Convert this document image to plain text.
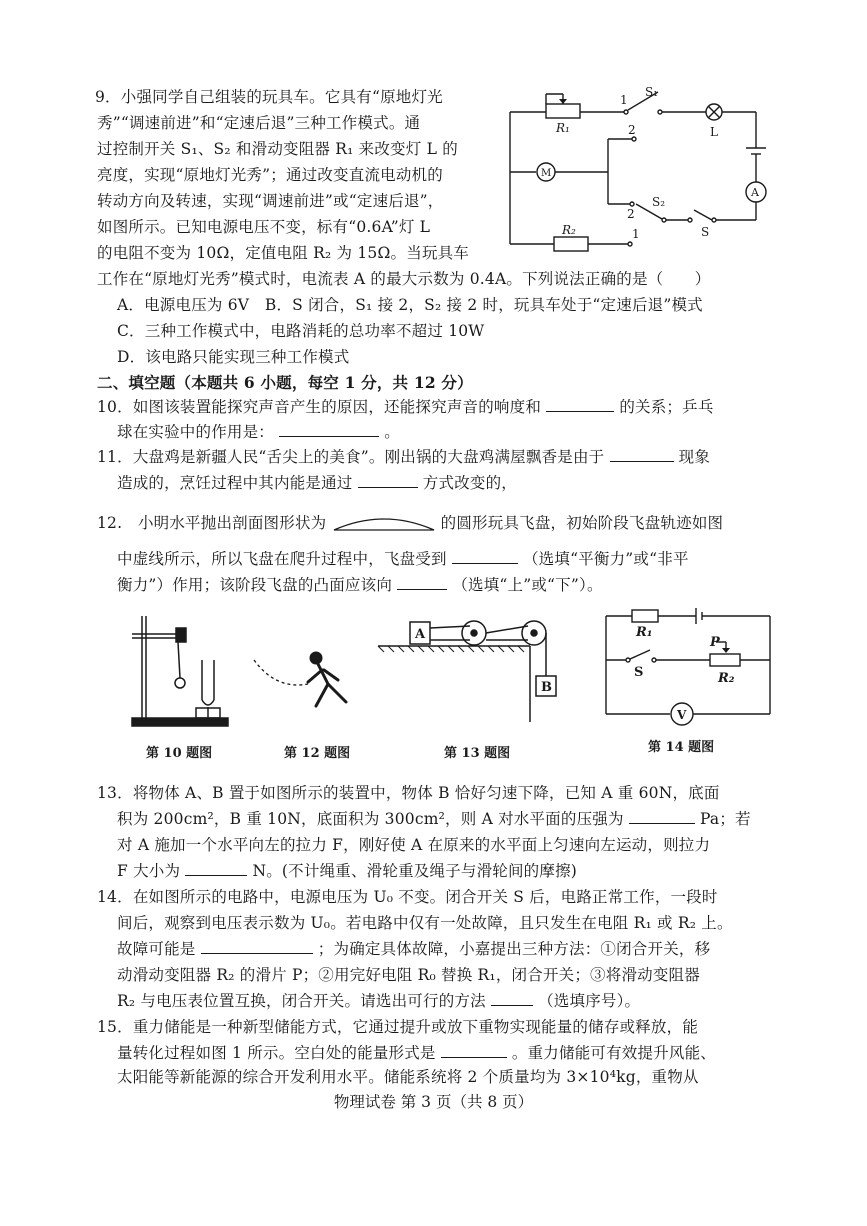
9．小强同学自己组装的玩具车。它具有“原地灯光
秀”“调速前进”和“定速后退”三种工作模式。通
过控制开关 S₁、S₂ 和滑动变阻器 R₁ 来改变灯 L 的
亮度，实现“原地灯光秀”；通过改变直流电动机的
转动方向及转速，实现“调速前进”或“定速后退”，
如图所示。已知电源电压不变，标有“0.6A”灯 L
的电阻不变为 10Ω，定值电阻 R₂ 为 15Ω。当玩具车
工作在“原地灯光秀”模式时，电流表 A 的最大示数为 0.4A。下列说法正确的是（　　）
A．电源电压为 6V　B．S 闭合，S₁ 接 2，S₂ 接 2 时，玩具车处于“定速后退”模式
C．三种工作模式中，电路消耗的总功率不超过 10W
D．该电路只能实现三种工作模式
S₁
1
R₁	L
2
M
A
2
S₂
S
R₂	1
二、填空题（本题共 6 小题，每空 1 分，共 12 分）
10．如图该装置能探究声音产生的原因，还能探究声音的响度和	的关系；乒乓
球在实验中的作用是：	。
11．大盘鸡是新疆人民“舌尖上的美食”。刚出锅的大盘鸡满屋飘香是由于	现象
造成的，烹饪过程中其内能是通过	方式改变的，
12.　小明水平抛出剖面图形状为	的圆形玩具飞盘，初始阶段飞盘轨迹如图
中虚线所示，所以飞盘在爬升过程中，飞盘受到	（选填“平衡力”或“非平
衡力”）作用；该阶段飞盘的凸面应该向	（选填“上”或“下”）。
第 10 题图	第 12 题图
A
B
第 13 题图
R₁
P
S	R₂
V
第 14 题图
13．将物体 A、B 置于如图所示的装置中，物体 B 恰好匀速下降，已知 A 重 60N，底面
积为 200cm²，B 重 10N，底面积为 300cm²，则 A 对水平面的压强为	Pa；若
对 A 施加一个水平向左的拉力 F，刚好使 A 在原来的水平面上匀速向左运动，则拉力
F 大小为	N。(不计绳重、滑轮重及绳子与滑轮间的摩擦)
14．在如图所示的电路中，电源电压为 U₀ 不变。闭合开关 S 后，电路正常工作，一段时
间后，观察到电压表示数为 U₀。若电路中仅有一处故障，且只发生在电阻 R₁ 或 R₂ 上。
故障可能是	；为确定具体故障，小嘉提出三种方法：①闭合开关，移
动滑动变阻器 R₂ 的滑片 P；②用完好电阻 R₀ 替换 R₁，闭合开关；③将滑动变阻器
R₂ 与电压表位置互换，闭合开关。请选出可行的方法	（选填序号）。
15．重力储能是一种新型储能方式，它通过提升或放下重物实现能量的储存或释放，能
量转化过程如图 1 所示。空白处的能量形式是	。重力储能可有效提升风能、
太阳能等新能源的综合开发利用水平。储能系统将 2 个质量均为 3×10⁴kg，重物从
物理试卷 第 3 页（共 8 页）
